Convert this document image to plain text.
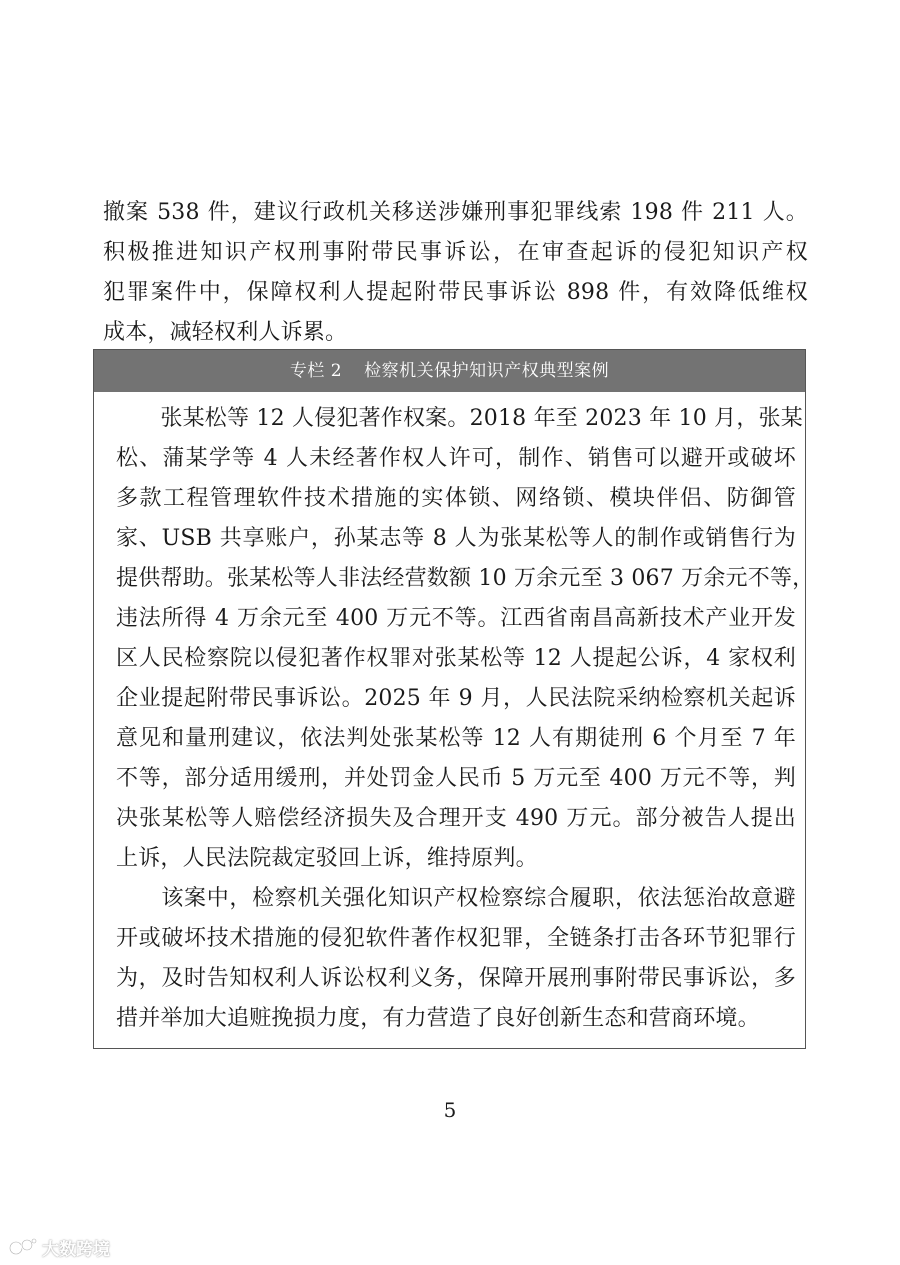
撤案 538 件，建议行政机关移送涉嫌刑事犯罪线索 198 件 211 人。
积极推进知识产权刑事附带民事诉讼，在审查起诉的侵犯知识产权
犯罪案件中，保障权利人提起附带民事诉讼 898 件，有效降低维权
成本，减轻权利人诉累。
专栏 2 检察机关保护知识产权典型案例
　　张某松等 12 人侵犯著作权案。2018 年至 2023 年 10 月，张某
松、蒲某学等 4 人未经著作权人许可，制作、销售可以避开或破坏
多款工程管理软件技术措施的实体锁、网络锁、模块伴侣、防御管
家、USB 共享账户，孙某志等 8 人为张某松等人的制作或销售行为
提供帮助。张某松等人非法经营数额 10 万余元至 3 067 万余元不等，
违法所得 4 万余元至 400 万元不等。江西省南昌高新技术产业开发
区人民检察院以侵犯著作权罪对张某松等 12 人提起公诉，4 家权利
企业提起附带民事诉讼。2025 年 9 月，人民法院采纳检察机关起诉
意见和量刑建议，依法判处张某松等 12 人有期徒刑 6 个月至 7 年
不等，部分适用缓刑，并处罚金人民币 5 万元至 400 万元不等，判
决张某松等人赔偿经济损失及合理开支 490 万元。部分被告人提出
上诉，人民法院裁定驳回上诉，维持原判。
　　该案中，检察机关强化知识产权检察综合履职，依法惩治故意避
开或破坏技术措施的侵犯软件著作权犯罪，全链条打击各环节犯罪行
为，及时告知权利人诉讼权利义务，保障开展刑事附带民事诉讼，多
措并举加大追赃挽损力度，有力营造了良好创新生态和营商环境。
5
大数跨境
